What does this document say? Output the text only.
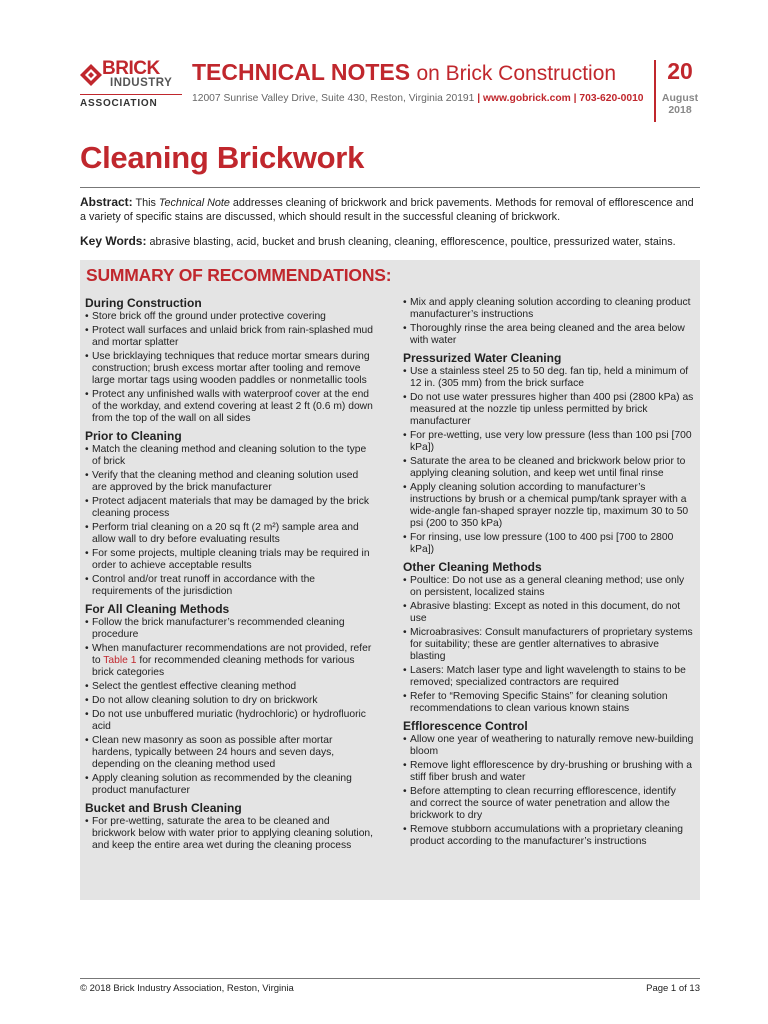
BRICK
INDUSTRY
ASSOCIATION
TECHNICAL NOTES on Brick Construction
12007 Sunrise Valley Drive, Suite 430, Reston, Virginia 20191 | www.gobrick.com | 703-620-0010
20
August
2018
Cleaning Brickwork
Abstract: This Technical Note addresses cleaning of brickwork and brick pavements. Methods for removal of efflorescence and a variety of specific stains are discussed, which should result in the successful cleaning of brickwork.
Key Words: abrasive blasting, acid, bucket and brush cleaning, cleaning, efflorescence, poultice, pressurized water, stains.
SUMMARY OF RECOMMENDATIONS:
During Construction
• Store brick off the ground under protective covering
• Protect wall surfaces and unlaid brick from rain-splashed mud and mortar splatter
• Use bricklaying techniques that reduce mortar smears during construction; brush excess mortar after tooling and remove large mortar tags using wooden paddles or nonmetallic tools
• Protect any unfinished walls with waterproof cover at the end of the workday, and extend covering at least 2 ft (0.6 m) down from the top of the wall on all sides
Prior to Cleaning
• Match the cleaning method and cleaning solution to the type of brick
• Verify that the cleaning method and cleaning solution used are approved by the brick manufacturer
• Protect adjacent materials that may be damaged by the brick cleaning process
• Perform trial cleaning on a 20 sq ft (2 m²) sample area and allow wall to dry before evaluating results
• For some projects, multiple cleaning trials may be required in order to achieve acceptable results
• Control and/or treat runoff in accordance with the requirements of the jurisdiction
For All Cleaning Methods
• Follow the brick manufacturer’s recommended cleaning procedure
• When manufacturer recommendations are not provided, refer to Table 1 for recommended cleaning methods for various brick categories
• Select the gentlest effective cleaning method
• Do not allow cleaning solution to dry on brickwork
• Do not use unbuffered muriatic (hydrochloric) or hydrofluoric acid
• Clean new masonry as soon as possible after mortar hardens, typically between 24 hours and seven days, depending on the cleaning method used
• Apply cleaning solution as recommended by the cleaning product manufacturer
Bucket and Brush Cleaning
• For pre-wetting, saturate the area to be cleaned and brickwork below with water prior to applying cleaning solution, and keep the entire area wet during the cleaning process
• Mix and apply cleaning solution according to cleaning product manufacturer’s instructions
• Thoroughly rinse the area being cleaned and the area below with water
Pressurized Water Cleaning
• Use a stainless steel 25 to 50 deg. fan tip, held a minimum of 12 in. (305 mm) from the brick surface
• Do not use water pressures higher than 400 psi (2800 kPa) as measured at the nozzle tip unless permitted by brick manufacturer
• For pre-wetting, use very low pressure (less than 100 psi [700 kPa])
• Saturate the area to be cleaned and brickwork below prior to applying cleaning solution, and keep wet until final rinse
• Apply cleaning solution according to manufacturer’s instructions by brush or a chemical pump/tank sprayer with a wide-angle fan-shaped sprayer nozzle tip, maximum 30 to 50 psi (200 to 350 kPa)
• For rinsing, use low pressure (100 to 400 psi [700 to 2800 kPa])
Other Cleaning Methods
• Poultice: Do not use as a general cleaning method; use only on persistent, localized stains
• Abrasive blasting: Except as noted in this document, do not use
• Microabrasives: Consult manufacturers of proprietary systems for suitability; these are gentler alternatives to abrasive blasting
• Lasers: Match laser type and light wavelength to stains to be removed; specialized contractors are required
• Refer to “Removing Specific Stains” for cleaning solution recommendations to clean various known stains
Efflorescence Control
• Allow one year of weathering to naturally remove new-building bloom
• Remove light efflorescence by dry-brushing or brushing with a stiff fiber brush and water
• Before attempting to clean recurring efflorescence, identify and correct the source of water penetration and allow the brickwork to dry
• Remove stubborn accumulations with a proprietary cleaning product according to the manufacturer’s instructions
© 2018 Brick Industry Association, Reston, Virginia	Page 1 of 13
